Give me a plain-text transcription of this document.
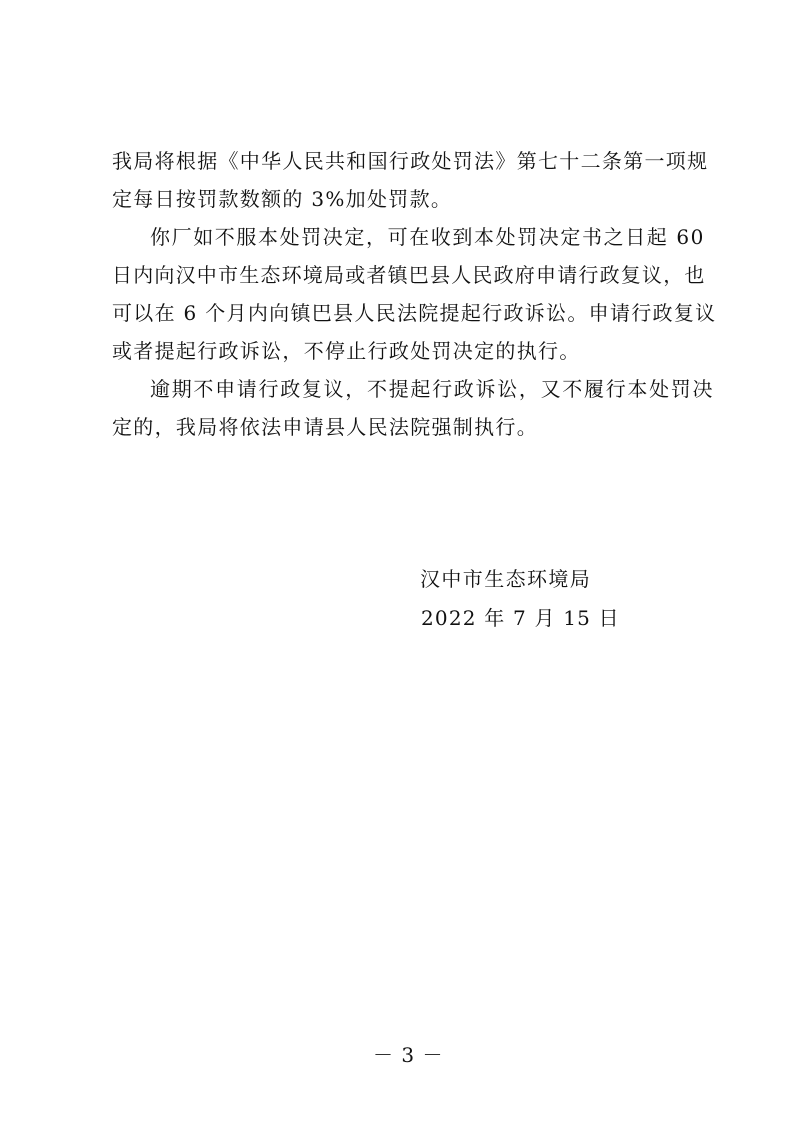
我局将根据《中华人民共和国行政处罚法》第七十二条第一项规
定每日按罚款数额的 3%加处罚款。
你厂如不服本处罚决定，可在收到本处罚决定书之日起 60
日内向汉中市生态环境局或者镇巴县人民政府申请行政复议，也
可以在 6 个月内向镇巴县人民法院提起行政诉讼。申请行政复议
或者提起行政诉讼，不停止行政处罚决定的执行。
逾期不申请行政复议，不提起行政诉讼，又不履行本处罚决
定的，我局将依法申请县人民法院强制执行。
汉中市生态环境局
2022 年 7 月 15 日
－ 3 －
